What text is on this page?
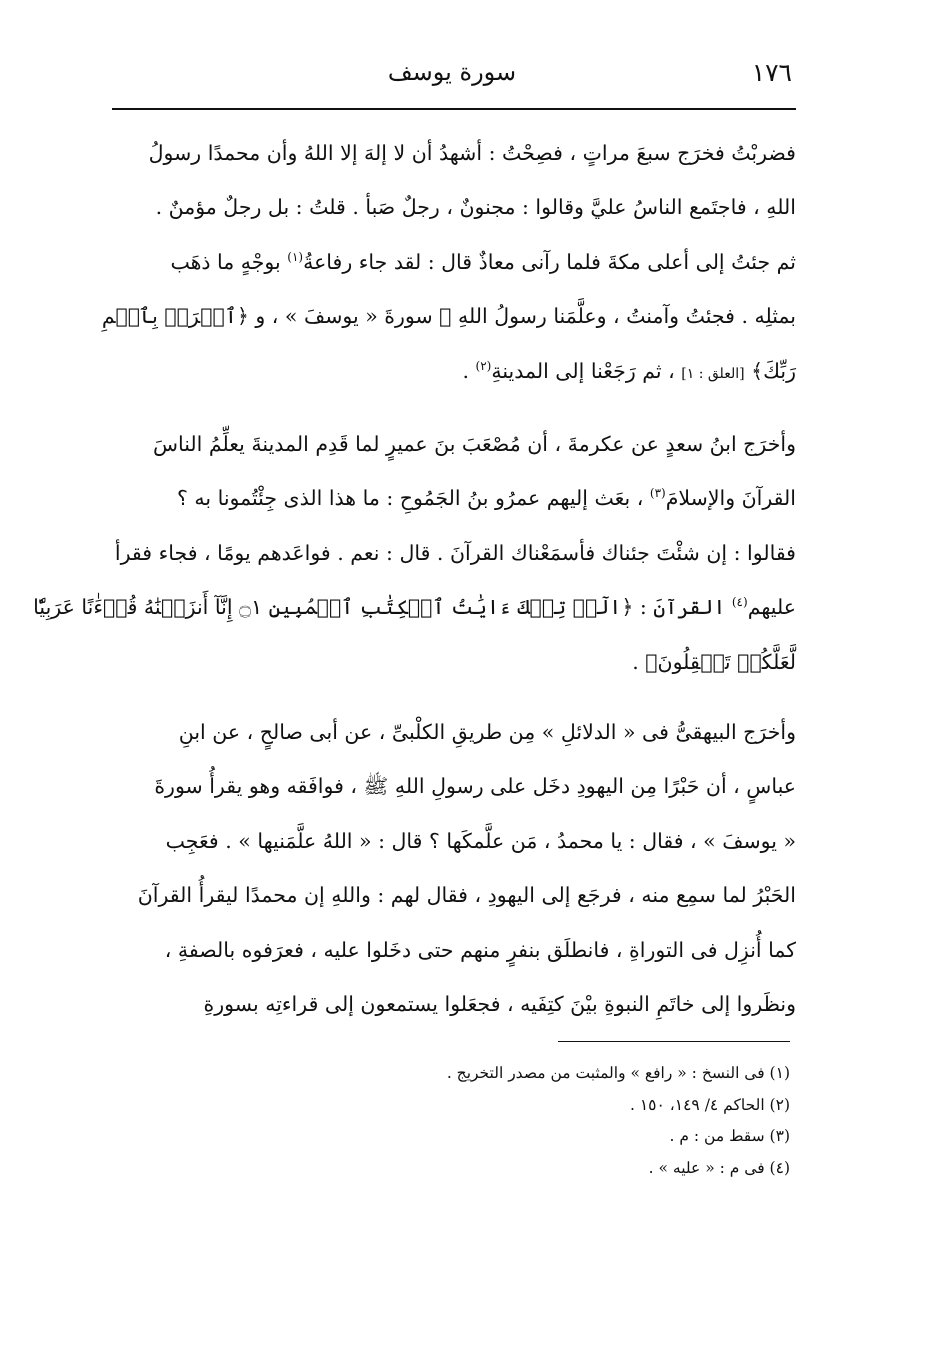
١٧٦
سورة يوسف
فضربْتُ فخرَج سبعَ مراتٍ ، فصِحْتُ : أشهدُ أن لا إلهَ إلا اللهُ وأن محمدًا رسولُ
اللهِ ، فاجتَمع الناسُ عليَّ وقالوا : مجنونٌ ، رجلٌ صَبأ . قلتُ : بل رجلٌ مؤمنٌ .
ثم جئتُ إلى أعلى مكةَ فلما رآنى معاذٌ قال : لقد جاء رفاعةُ$^{(١)}$ بوجْهٍ ما ذهَب
بمثلِه . فجئتُ وآمنتُ ، وعلَّمَنا رسولُ اللهِ ﷺ سورةَ « يوسفَ » ، و ﴿ٱقۡرَأۡ بِٱسۡمِ
رَبِّكَ﴾ [العلق : ١] ، ثم رَجَعْنا إلى المدينةِ$^{(٢)}$ .
وأخرَج ابنُ سعدٍ عن عكرمةَ ، أن مُصْعَبَ بنَ عميرٍ لما قَدِم المدينةَ يعلِّمُ الناسَ
القرآنَ والإسلامَ$^{(٣)}$ ، بعَث إليهم عمرُو بنُ الجَمُوحِ : ما هذا الذى جِئْتُمونا به ؟
فقالوا : إن شئْتَ جئناك فأسمَعْناك القرآنَ . قال : نعم . فواعَدهم يومًا ، فجاء فقرأ
عليهم$^{(٤)}$ القرآنَ : ﴿الٓرۚ تِلۡكَ ءَايَٰتُ ٱلۡكِتَٰبِ ٱلۡمُبِينِ ۝١ إِنَّآ أَنزَلۡنَٰهُ قُرۡءَٰنًا عَرَبِيّٗا
لَّعَلَّكُمۡ تَعۡقِلُونَ﴾ .
وأخرَج البيهقىُّ فى « الدلائلِ » مِن طريقِ الكلْبىِّ ، عن أبى صالحٍ ، عن ابنِ
عباسٍ ، أن حَبْرًا مِن اليهودِ دخَل على رسولِ اللهِ ﷺ ، فوافَقه وهو يقرأُ سورةَ
« يوسفَ » ، فقال : يا محمدُ ، مَن علَّمكَها ؟ قال : « اللهُ علَّمَنيها » . فعَجِب
الحَبْرُ لما سمِع منه ، فرجَع إلى اليهودِ ، فقال لهم : واللهِ إن محمدًا ليقرأُ القرآنَ
كما أُنزِل فى التوراةِ ، فانطلَق بنفرٍ منهم حتى دخَلوا عليه ، فعرَفوه بالصفةِ ،
ونظَروا إلى خاتَمِ النبوةِ بيْنَ كتِفَيه ، فجعَلوا يستمعون إلى قراءتِه بسورةِ
(١) فى النسخ : « رافع » والمثبت من مصدر التخريج .
(٢) الحاكم ٤/ ١٤٩، ١٥٠ .
(٣) سقط من : م .
(٤) فى م : « عليه » .
